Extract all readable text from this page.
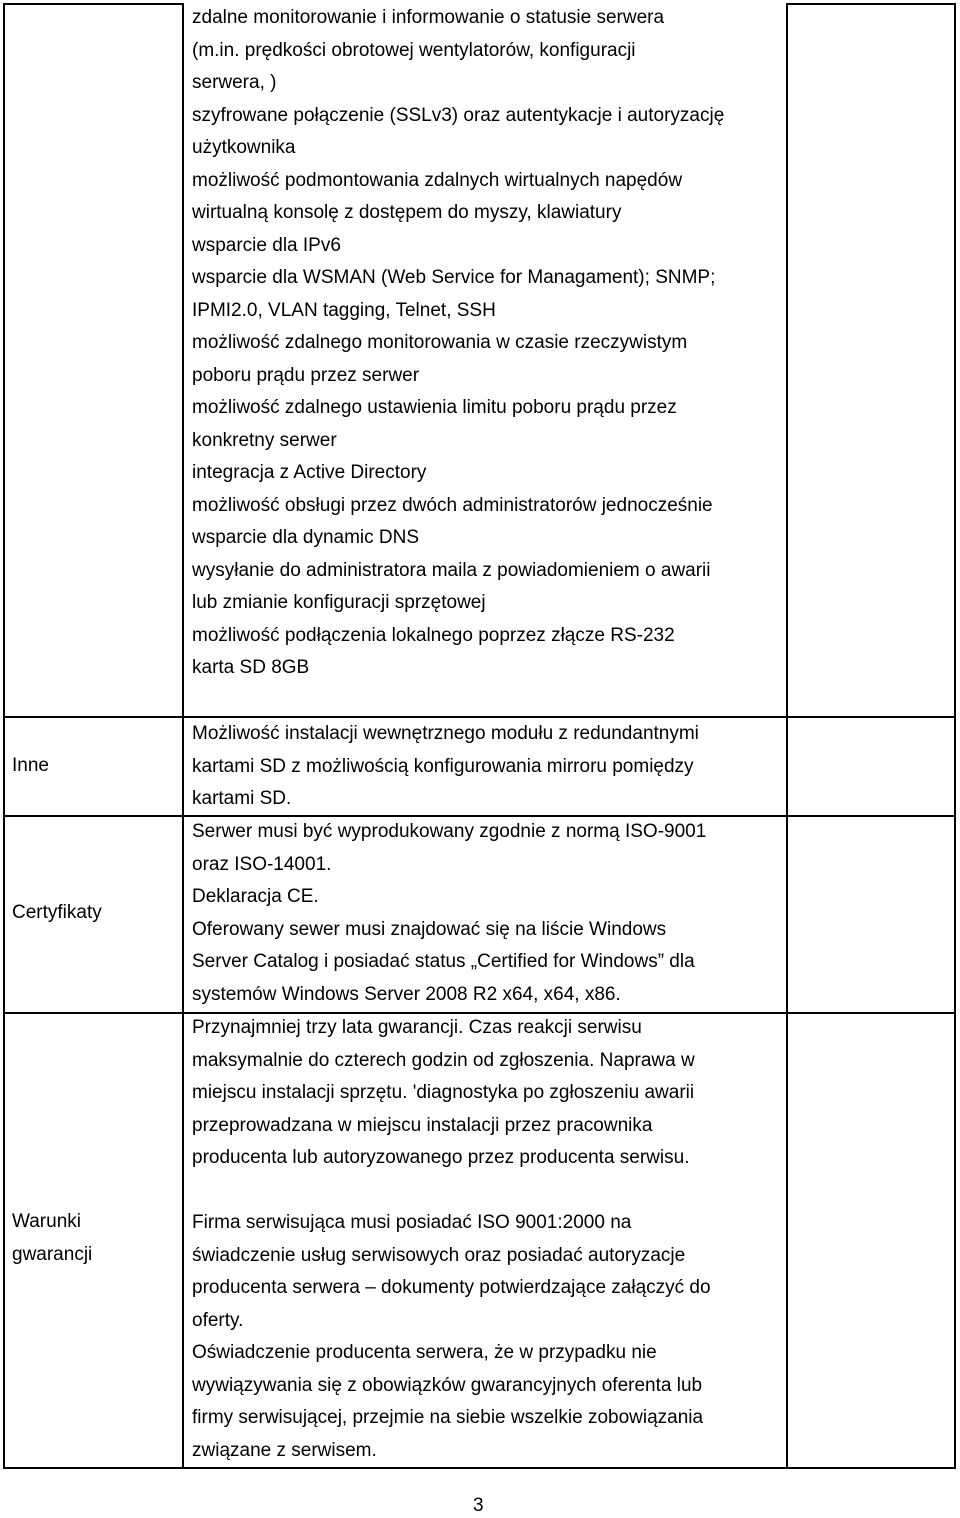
zdalne monitorowanie i informowanie o statusie serwera
(m.in. prędkości obrotowej wentylatorów, konfiguracji
serwera, )
szyfrowane połączenie (SSLv3) oraz autentykacje i autoryzację
użytkownika
możliwość podmontowania zdalnych wirtualnych napędów
wirtualną konsolę z dostępem do myszy, klawiatury
wsparcie dla IPv6
wsparcie dla WSMAN (Web Service for Managament); SNMP;
IPMI2.0, VLAN tagging, Telnet, SSH
możliwość zdalnego monitorowania w czasie rzeczywistym
poboru prądu przez serwer
możliwość zdalnego ustawienia limitu poboru prądu przez
konkretny serwer
integracja z Active Directory
możliwość obsługi przez dwóch administratorów jednocześnie
wsparcie dla dynamic DNS
wysyłanie do administratora maila z powiadomieniem o awarii
lub zmianie konfiguracji sprzętowej
możliwość podłączenia lokalnego poprzez złącze RS-232
karta SD 8GB
Inne
Możliwość instalacji wewnętrznego modułu z redundantnymi
kartami SD z możliwością konfigurowania mirroru pomiędzy
kartami SD.
Certyfikaty
Serwer musi być wyprodukowany zgodnie z normą ISO-9001
oraz ISO-14001.
Deklaracja CE.
Oferowany sewer musi znajdować się na liście Windows
Server Catalog i posiadać status „Certified for Windows” dla
systemów Windows Server 2008 R2 x64, x64, x86.
Warunki
gwarancji
Przynajmniej trzy lata gwarancji. Czas reakcji serwisu
maksymalnie do czterech godzin od zgłoszenia. Naprawa w
miejscu instalacji sprzętu. 'diagnostyka po zgłoszeniu awarii
przeprowadzana w miejscu instalacji przez pracownika
producenta lub autoryzowanego przez producenta serwisu.
Firma serwisująca musi posiadać ISO 9001:2000 na
świadczenie usług serwisowych oraz posiadać autoryzacje
producenta serwera – dokumenty potwierdzające załączyć do
oferty.
Oświadczenie producenta serwera, że w przypadku nie
wywiązywania się z obowiązków gwarancyjnych oferenta lub
firmy serwisującej, przejmie na siebie wszelkie zobowiązania
związane z serwisem.
3
